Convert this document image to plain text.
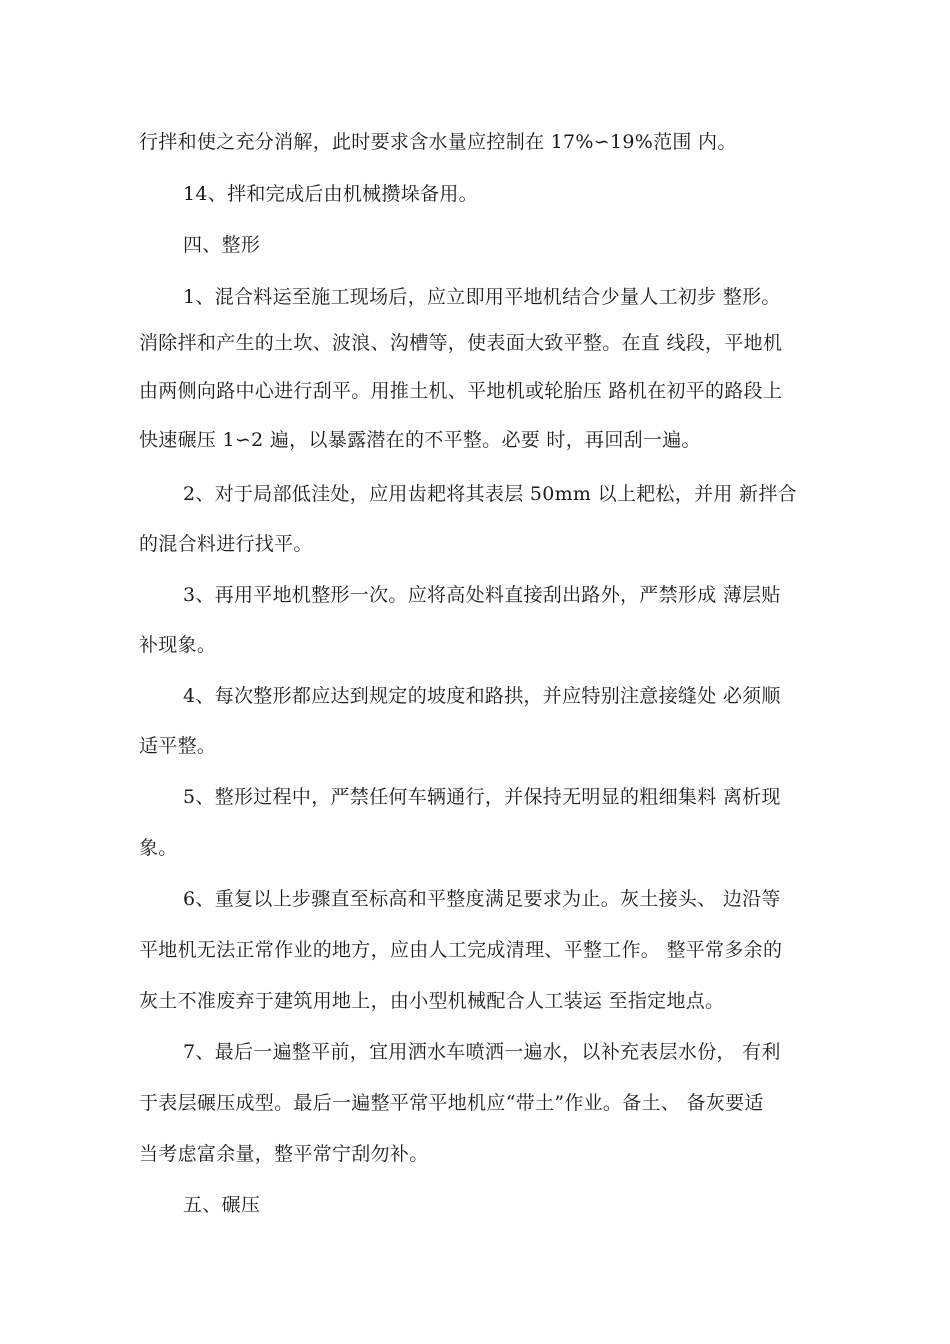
行拌和使之充分消解，此时要求含水量应控制在 17%∽19%范围 内。
14、拌和完成后由机械攒垛备用。
四、整形
1、混合料运至施工现场后，应立即用平地机结合少量人工初步 整形。
消除拌和产生的土坎、波浪、沟槽等，使表面大致平整。在直 线段，平地机
由两侧向路中心进行刮平。用推土机、平地机或轮胎压 路机在初平的路段上
快速碾压 1∽2 遍，以暴露潜在的不平整。必要 时，再回刮一遍。
2、对于局部低洼处，应用齿耙将其表层 50mm 以上耙松，并用 新拌合
的混合料进行找平。
3、再用平地机整形一次。应将高处料直接刮出路外，严禁形成 薄层贴
补现象。
4、每次整形都应达到规定的坡度和路拱，并应特别注意接缝处 必须顺
适平整。
5、整形过程中，严禁任何车辆通行，并保持无明显的粗细集料 离析现
象。
6、重复以上步骤直至标高和平整度满足要求为止。灰土接头、 边沿等
平地机无法正常作业的地方，应由人工完成清理、平整工作。 整平常多余的
灰土不准废弃于建筑用地上，由小型机械配合人工装运 至指定地点。
7、最后一遍整平前，宜用洒水车喷洒一遍水，以补充表层水份， 有利
于表层碾压成型。最后一遍整平常平地机应“带土”作业。备土、 备灰要适
当考虑富余量，整平常宁刮勿补。
五、碾压
